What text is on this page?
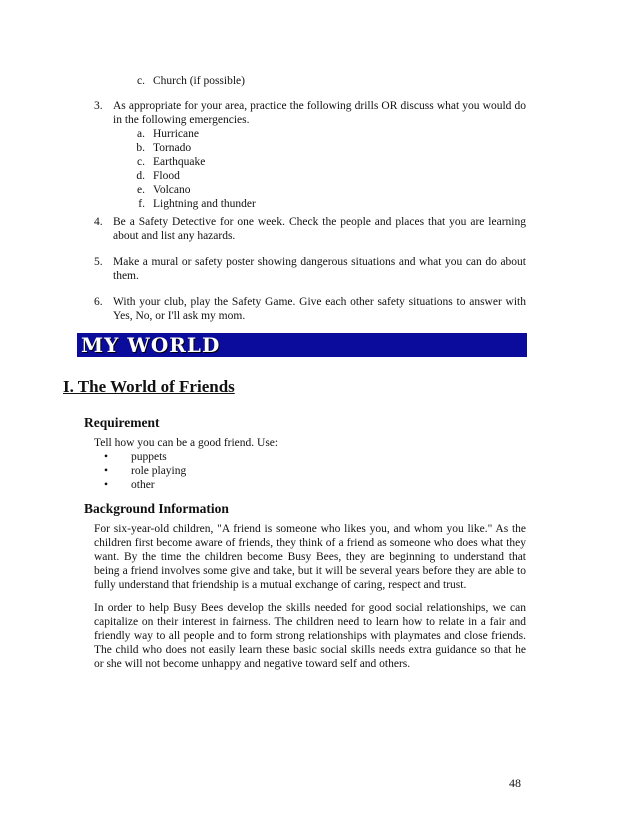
c. Church (if possible)
3. As appropriate for your area, practice the following drills OR discuss what you would do in the following emergencies.
a. Hurricane
b. Tornado
c. Earthquake
d. Flood
e. Volcano
f. Lightning and thunder
4. Be a Safety Detective for one week. Check the people and places that you are learning about and list any hazards.
5. Make a mural or safety poster showing dangerous situations and what you can do about them.
6. With your club, play the Safety Game. Give each other safety situations to answer with Yes, No, or I'll ask my mom.
MY WORLD
I. The World of Friends
Requirement
Tell how you can be a good friend. Use:
•	puppets
•	role playing
•	other
Background Information
For six-year-old children, "A friend is someone who likes you, and whom you like." As the children first become aware of friends, they think of a friend as someone who does what they want. By the time the children become Busy Bees, they are beginning to understand that being a friend involves some give and take, but it will be several years before they are able to fully understand that friendship is a mutual exchange of caring, respect and trust.
In order to help Busy Bees develop the skills needed for good social relationships, we can capitalize on their interest in fairness. The children need to learn how to relate in a fair and friendly way to all people and to form strong relationships with playmates and close friends. The child who does not easily learn these basic social skills needs extra guidance so that he or she will not become unhappy and negative toward self and others.
48
